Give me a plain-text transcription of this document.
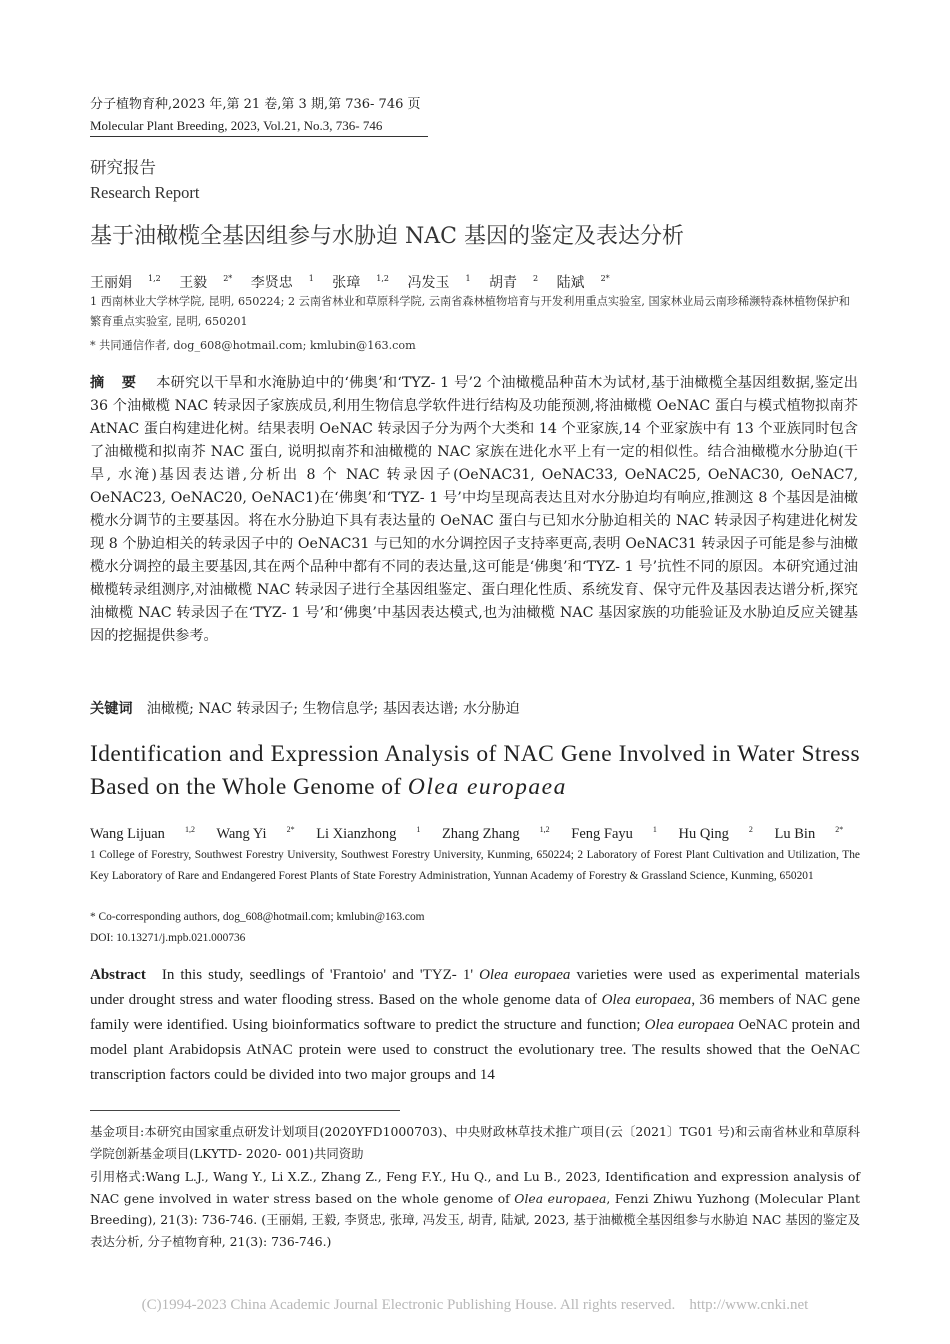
分子植物育种,2023 年,第 21 卷,第 3 期,第 736- 746 页
Molecular Plant Breeding, 2023, Vol.21, No.3, 736- 746
研究报告
Research Report
基于油橄榄全基因组参与水胁迫 NAC 基因的鉴定及表达分析
王丽娟 $^{1,2}$ 王毅 $^{2*}$ 李贤忠 $^1$ 张璋 $^{1,2}$ 冯发玉 $^1$ 胡青 $^2$ 陆斌 $^{2*}$
1 西南林业大学林学院, 昆明, 650224; 2 云南省林业和草原科学院, 云南省森林植物培育与开发利用重点实验室, 国家林业局云南珍稀濒特森林植物保护和繁育重点实验室, 昆明, 650201
* 共同通信作者, dog_608@hotmail.com; kmlubin@163.com
摘 要 本研究以干旱和水淹胁迫中的‘佛奥’和‘TYZ- 1 号’2 个油橄榄品种苗木为试材,基于油橄榄全基因组数据,鉴定出 36 个油橄榄 NAC 转录因子家族成员,利用生物信息学软件进行结构及功能预测,将油橄榄 OeNAC 蛋白与模式植物拟南芥 AtNAC 蛋白构建进化树。结果表明 OeNAC 转录因子分为两个大类和 14 个亚家族,14 个亚家族中有 13 个亚族同时包含了油橄榄和拟南芥 NAC 蛋白, 说明拟南芥和油橄榄的 NAC 家族在进化水平上有一定的相似性。结合油橄榄水分胁迫(干旱, 水淹)基因表达谱,分析出 8 个 NAC 转录因子(OeNAC31, OeNAC33, OeNAC25, OeNAC30, OeNAC7, OeNAC23, OeNAC20, OeNAC1)在‘佛奥’和‘TYZ- 1 号’中均呈现高表达且对水分胁迫均有响应,推测这 8 个基因是油橄榄水分调节的主要基因。将在水分胁迫下具有表达量的 OeNAC 蛋白与已知水分胁迫相关的 NAC 转录因子构建进化树发现 8 个胁迫相关的转录因子中的 OeNAC31 与已知的水分调控因子支持率更高,表明 OeNAC31 转录因子可能是参与油橄榄水分调控的最主要基因,其在两个品种中都有不同的表达量,这可能是‘佛奥’和‘TYZ- 1 号’抗性不同的原因。本研究通过油橄榄转录组测序,对油橄榄 NAC 转录因子进行全基因组鉴定、蛋白理化性质、系统发育、保守元件及基因表达谱分析,探究油橄榄 NAC 转录因子在‘TYZ- 1 号’和‘佛奥’中基因表达模式,也为油橄榄 NAC 基因家族的功能验证及水胁迫反应关键基因的挖掘提供参考。
关键词 油橄榄; NAC 转录因子; 生物信息学; 基因表达谱; 水分胁迫
Identification and Expression Analysis of NAC Gene Involved in Water Stress Based on the Whole Genome of Olea europaea
Wang Lijuan	$^{1,2}$ Wang Yi	$^{2*}$ Li Xianzhong	$^1$ Zhang Zhang	$^{1,2}$ Feng Fayu	$^1$ Hu Qing	$^2$ Lu Bin	$^{2*}$
1 College of Forestry, Southwest Forestry University, Southwest Forestry University, Kunming, 650224; 2 Laboratory of Forest Plant Cultivation and Utilization, The Key Laboratory of Rare and Endangered Forest Plants of State Forestry Administration, Yunnan Academy of Forestry & Grassland Science, Kunming, 650201
* Co-corresponding authors, dog_608@hotmail.com; kmlubin@163.com
DOI: 10.13271/j.mpb.021.000736
Abstract In this study, seedlings of 'Frantoio' and 'TYZ- 1' Olea europaea varieties were used as experimental materials under drought stress and water flooding stress. Based on the whole genome data of Olea europaea, 36 members of NAC gene family were identified. Using bioinformatics software to predict the structure and function; Olea europaea OeNAC protein and model plant Arabidopsis AtNAC protein were used to construct the evolutionary tree. The results showed that the OeNAC transcription factors could be divided into two major groups and 14
基金项目:本研究由国家重点研发计划项目(2020YFD1000703)、中央财政林草技术推广项目(云〔2021〕TG01 号)和云南省林业和草原科学院创新基金项目(LKYTD- 2020- 001)共同资助
引用格式:Wang L.J., Wang Y., Li X.Z., Zhang Z., Feng F.Y., Hu Q., and Lu B., 2023, Identification and expression analysis of NAC gene involved in water stress based on the whole genome of Olea europaea, Fenzi Zhiwu Yuzhong (Molecular Plant Breeding), 21(3): 736-746. (王丽娟, 王毅, 李贤忠, 张璋, 冯发玉, 胡青, 陆斌, 2023, 基于油橄榄全基因组参与水胁迫 NAC 基因的鉴定及表达分析, 分子植物育种, 21(3): 736-746.)
(C)1994-2023 China Academic Journal Electronic Publishing House. All rights reserved. http://www.cnki.net
